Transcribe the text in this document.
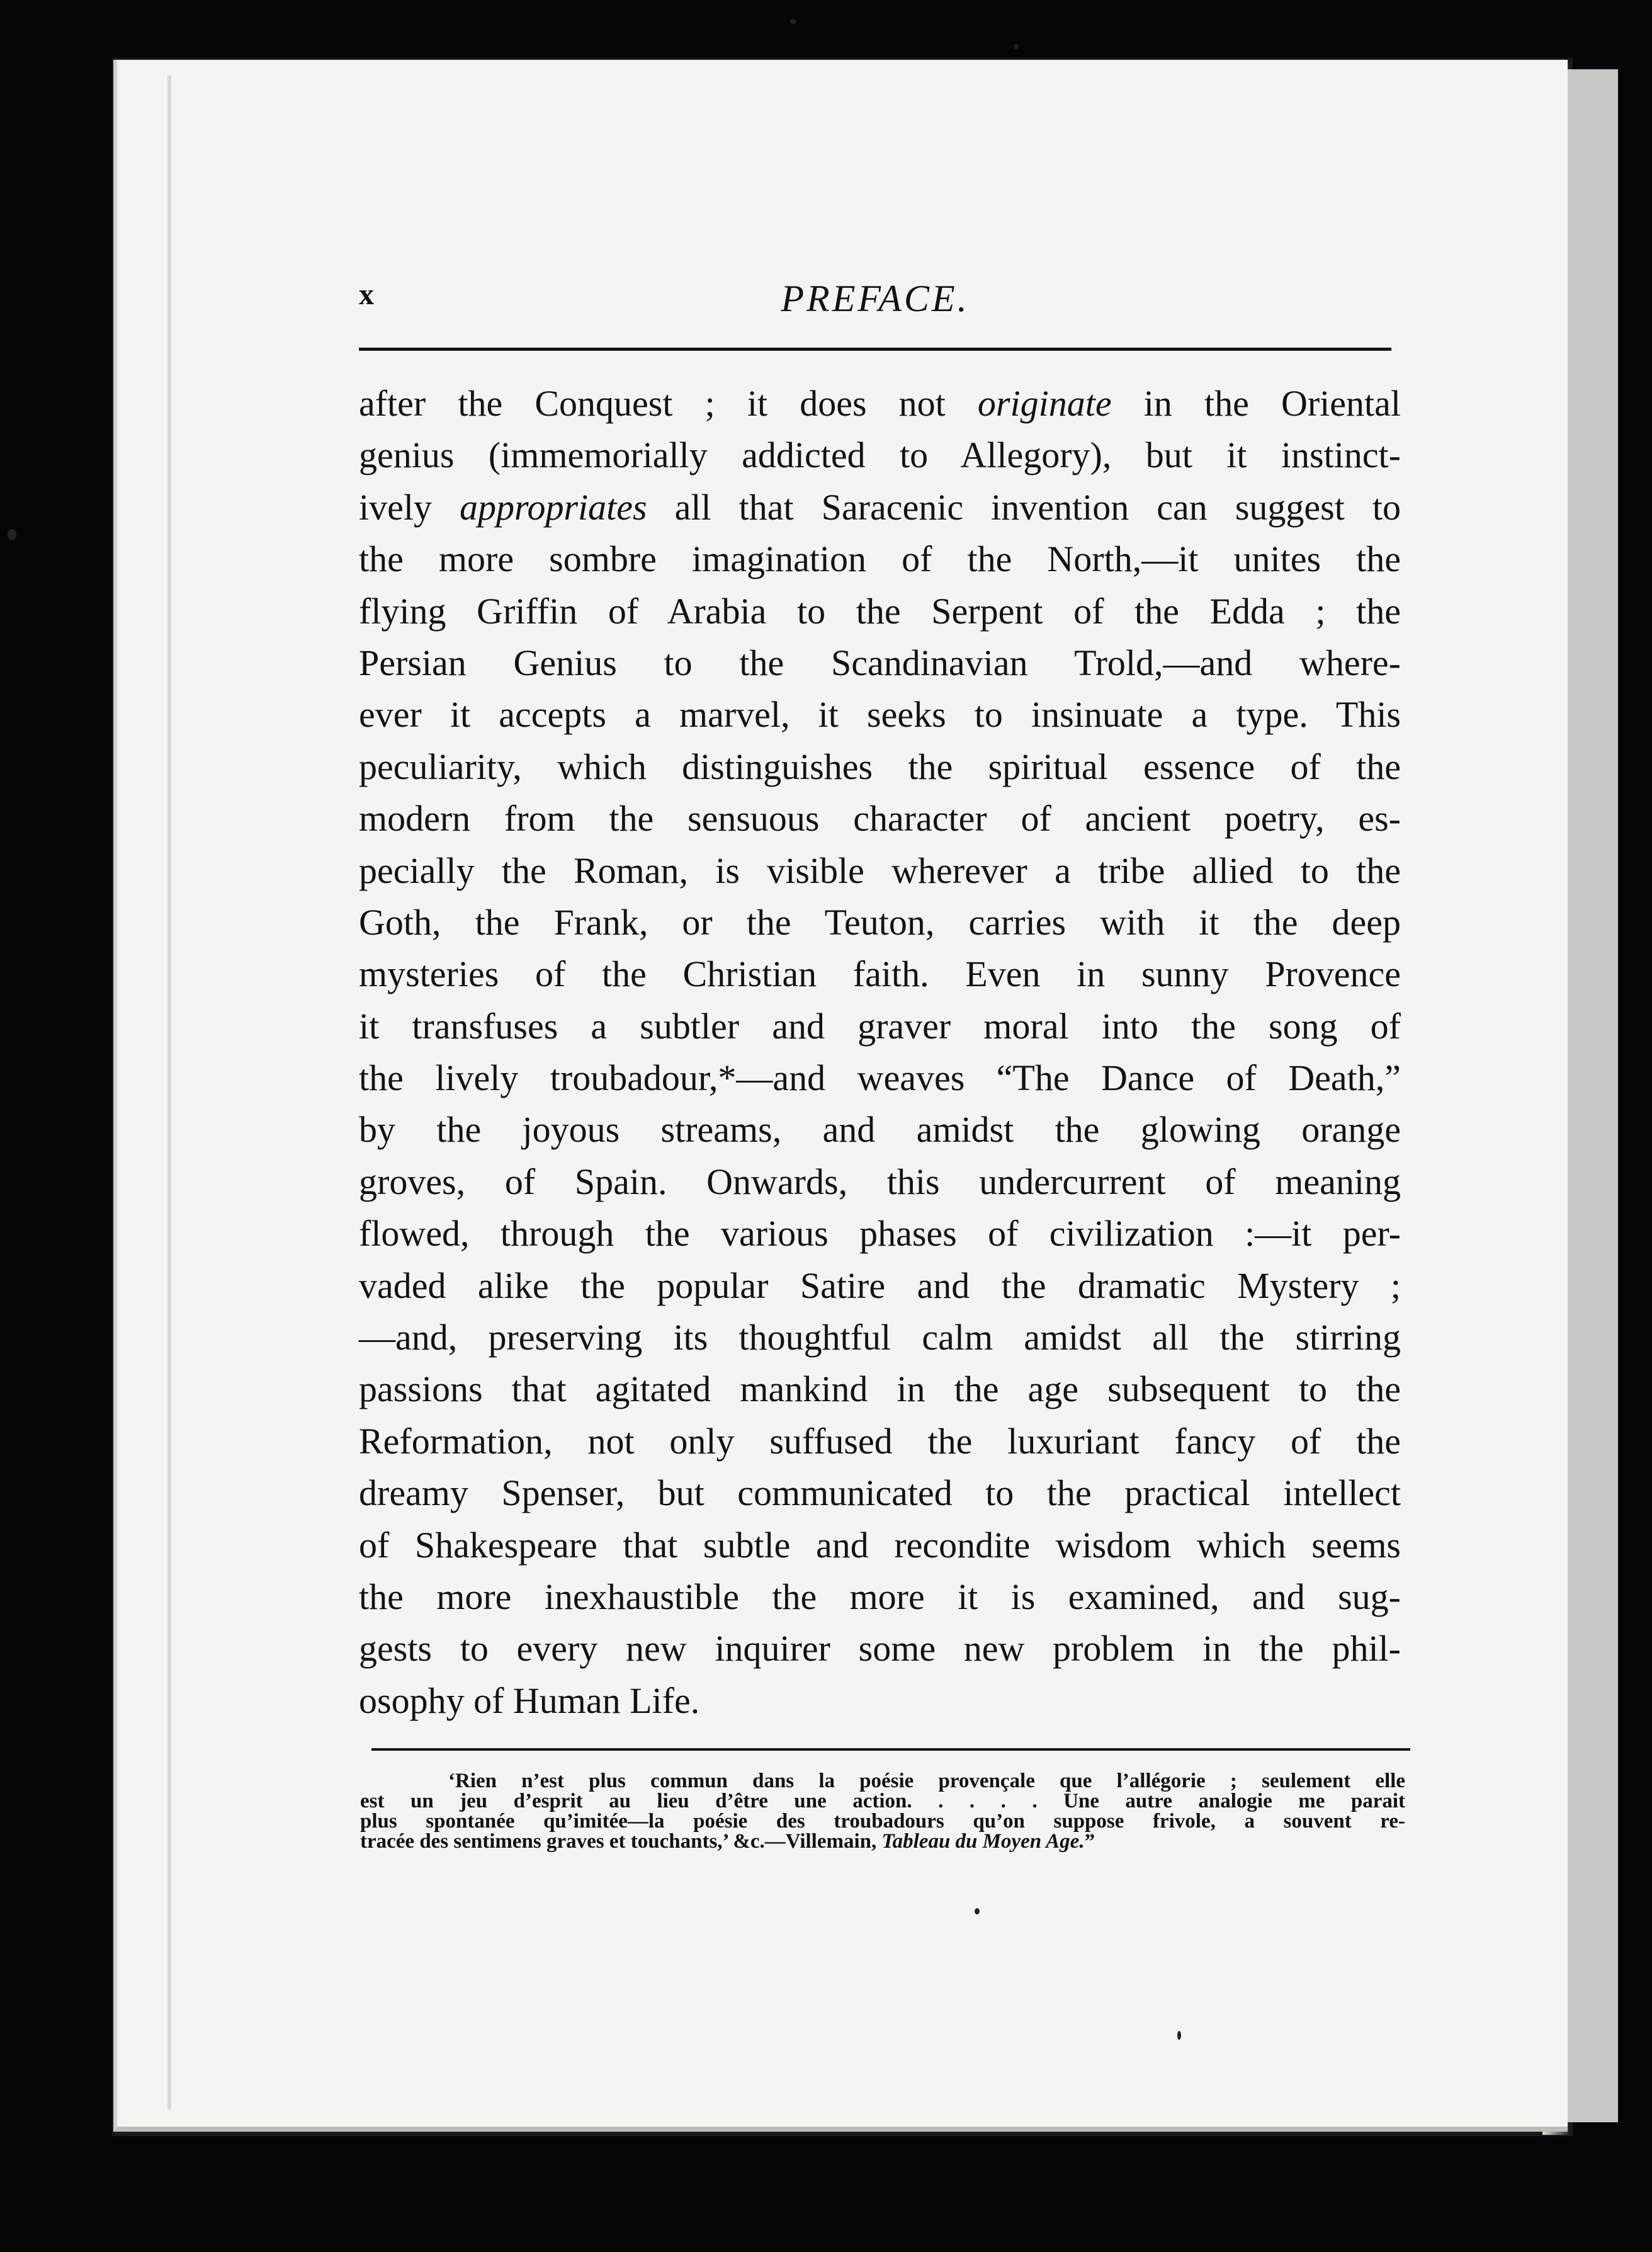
x	PREFACE.
after the Conquest ; it does not originate in the Oriental
genius (immemorially addicted to Allegory), but it instinct-
ively appropriates all that Saracenic invention can suggest to
the more sombre imagination of the North,—it unites the
flying Griffin of Arabia to the Serpent of the Edda ; the
Persian Genius to the Scandinavian Trold,—and where-
ever it accepts a marvel, it seeks to insinuate a type. This
peculiarity, which distinguishes the spiritual essence of the
modern from the sensuous character of ancient poetry, es-
pecially the Roman, is visible wherever a tribe allied to the
Goth, the Frank, or the Teuton, carries with it the deep
mysteries of the Christian faith. Even in sunny Provence
it transfuses a subtler and graver moral into the song of
the lively troubadour,*—and weaves “The Dance of Death,”
by the joyous streams, and amidst the glowing orange
groves, of Spain. Onwards, this undercurrent of meaning
flowed, through the various phases of civilization :—it per-
vaded alike the popular Satire and the dramatic Mystery ;
—and, preserving its thoughtful calm amidst all the stirring
passions that agitated mankind in the age subsequent to the
Reformation, not only suffused the luxuriant fancy of the
dreamy Spenser, but communicated to the practical intellect
of Shakespeare that subtle and recondite wisdom which seems
the more inexhaustible the more it is examined, and sug-
gests to every new inquirer some new problem in the phil-
osophy of Human Life.
‘Rien n’est plus commun dans la poésie provençale que l’allégorie ; seulement elle
est un jeu d’esprit au lieu d’être une action. . . . . Une autre analogie me parait
plus spontanée qu’imitée—la poésie des troubadours qu’on suppose frivole, a souvent re-
tracée des sentimens graves et touchants,’ &c.—Villemain, Tableau du Moyen Age.”
